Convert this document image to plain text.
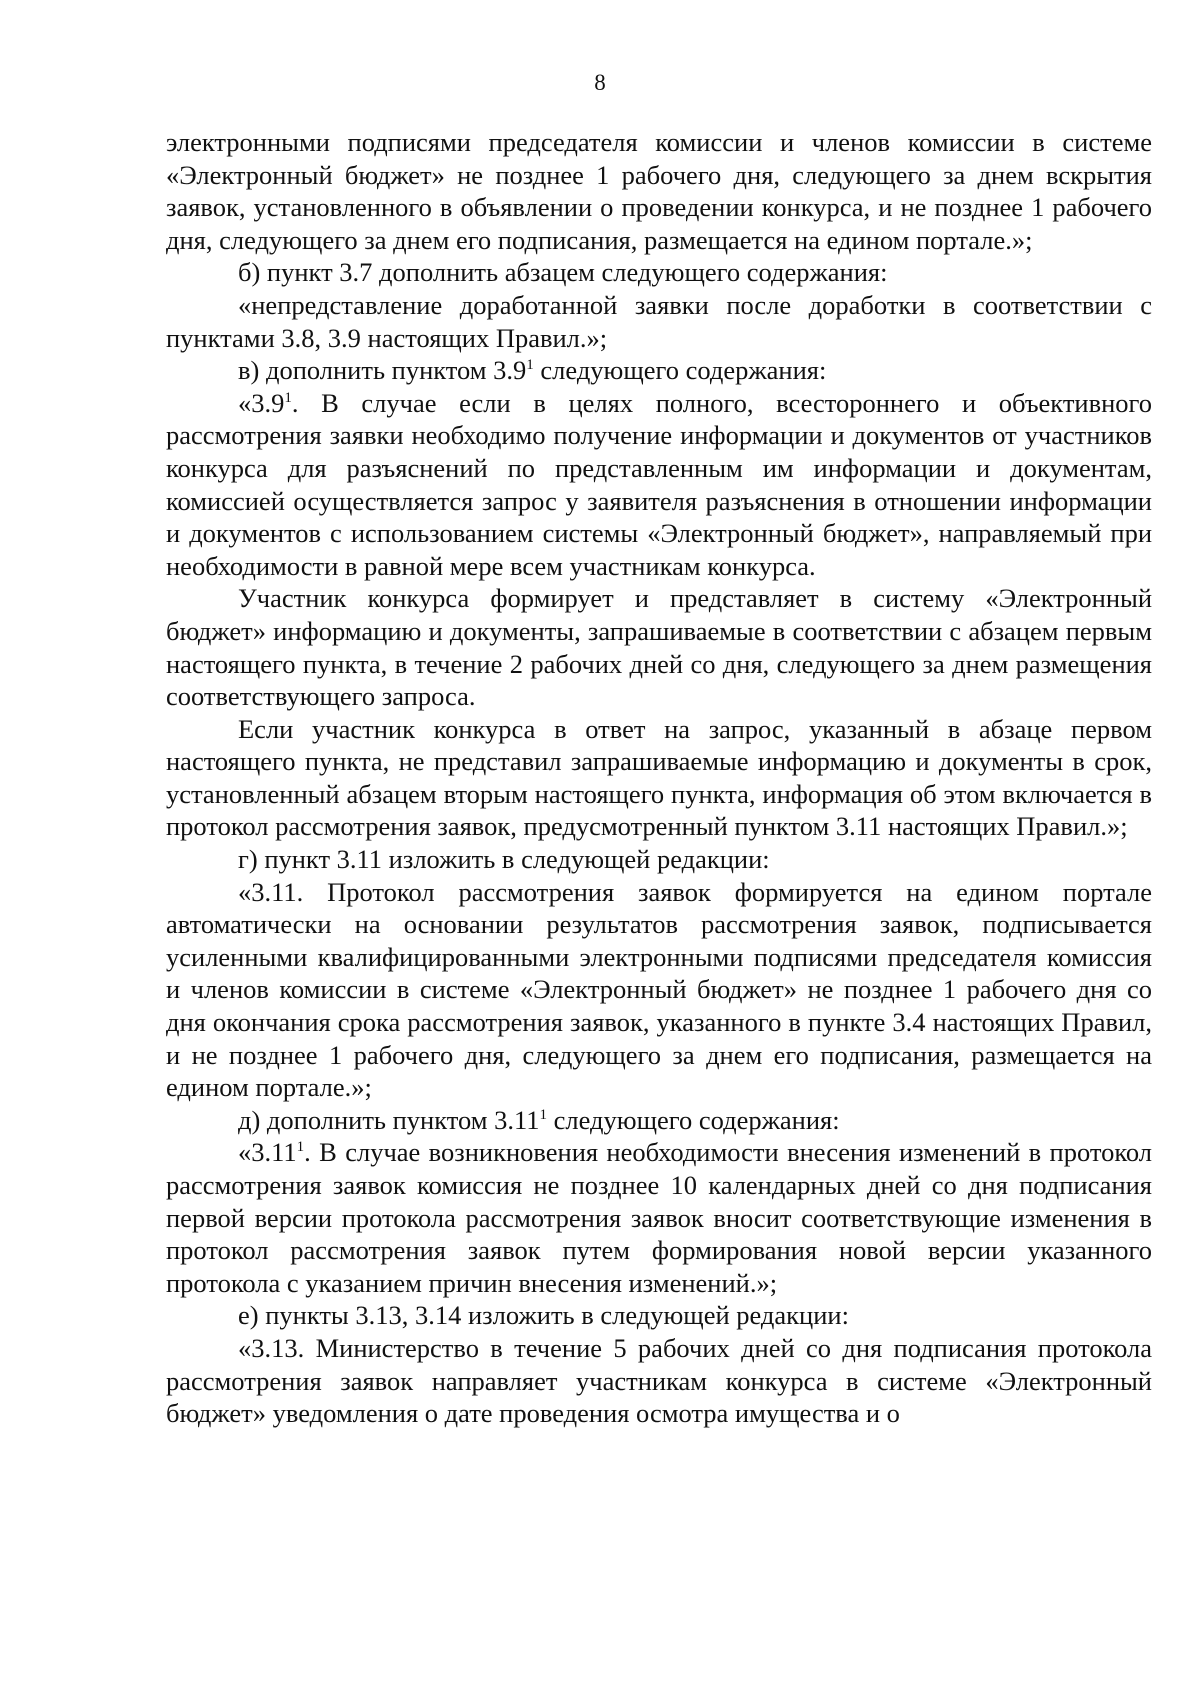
8

электронными подписями председателя комиссии и членов комиссии в системе «Электронный бюджет» не позднее 1 рабочего дня, следующего за днем вскрытия заявок, установленного в объявлении о проведении конкурса, и не позднее 1 рабочего дня, следующего за днем его подписания, размещается на едином портале.»;

б) пункт 3.7 дополнить абзацем следующего содержания:

«непредставление доработанной заявки после доработки в соответствии с пунктами 3.8, 3.9 настоящих Правил.»;

в) дополнить пунктом $3.9^1$ следующего содержания:

«$3.9^1$. В случае если в целях полного, всестороннего и объективного рассмотрения заявки необходимо получение информации и документов от участников конкурса для разъяснений по представленным им информации и документам, комиссией осуществляется запрос у заявителя разъяснения в отношении информации и документов с использованием системы «Электронный бюджет», направляемый при необходимости в равной мере всем участникам конкурса.

Участник конкурса формирует и представляет в систему «Электронный бюджет» информацию и документы, запрашиваемые в соответствии с абзацем первым настоящего пункта, в течение 2 рабочих дней со дня, следующего за днем размещения соответствующего запроса.

Если участник конкурса в ответ на запрос, указанный в абзаце первом настоящего пункта, не представил запрашиваемые информацию и документы в срок, установленный абзацем вторым настоящего пункта, информация об этом включается в протокол рассмотрения заявок, предусмотренный пунктом 3.11 настоящих Правил.»;

г) пункт 3.11 изложить в следующей редакции:

«3.11. Протокол рассмотрения заявок формируется на едином портале автоматически на основании результатов рассмотрения заявок, подписывается усиленными квалифицированными электронными подписями председателя комиссия и членов комиссии в системе «Электронный бюджет» не позднее 1 рабочего дня со дня окончания срока рассмотрения заявок, указанного в пункте 3.4 настоящих Правил, и не позднее 1 рабочего дня, следующего за днем его подписания, размещается на едином портале.»;

д) дополнить пунктом 3.11$^1$ следующего содержания:

«3.11$^1$. В случае возникновения необходимости внесения изменений в протокол рассмотрения заявок комиссия не позднее 10 календарных дней со дня подписания первой версии протокола рассмотрения заявок вносит соответствующие изменения в протокол рассмотрения заявок путем формирования новой версии указанного протокола с указанием причин внесения изменений.»;

е) пункты 3.13, 3.14 изложить в следующей редакции:

«3.13. Министерство в течение 5 рабочих дней со дня подписания протокола рассмотрения заявок направляет участникам конкурса в системе «Электронный бюджет» уведомления о дате проведения осмотра имущества и о
